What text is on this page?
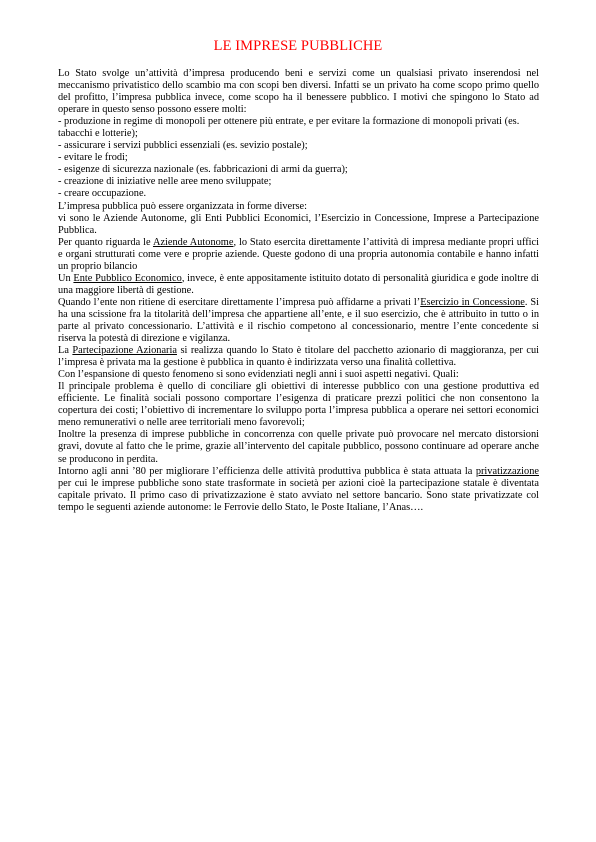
LE IMPRESE PUBBLICHE

Lo Stato svolge un’attività d’impresa producendo beni e servizi come un qualsiasi privato inserendosi nel meccanismo privatistico dello scambio ma con scopi ben diversi. Infatti se un privato ha come scopo primo quello del profitto, l’impresa pubblica invece, come scopo ha il benessere pubblico. I motivi che spingono lo Stato ad operare in questo senso possono essere molti:

- produzione in regime di monopoli per ottenere più entrate, e per evitare la formazione di monopoli privati (es. tabacchi e lotterie);

- assicurare i servizi pubblici essenziali (es. sevizio postale);

- evitare le frodi;

- esigenze di sicurezza nazionale (es. fabbricazioni di armi da guerra);

- creazione di iniziative nelle aree meno sviluppate;

- creare occupazione.

L’impresa pubblica può essere organizzata in forme diverse:

vi sono le Aziende Autonome, gli Enti Pubblici Economici, l’Esercizio in Concessione, Imprese a Partecipazione Pubblica.

Per quanto riguarda le Aziende Autonome, lo Stato esercita direttamente l’attività di impresa mediante propri uffici e organi strutturati come vere e proprie aziende. Queste godono di una propria autonomia contabile e hanno infatti un proprio bilancio

Un Ente Pubblico Economico, invece, è ente appositamente istituito dotato di personalità giuridica e gode inoltre di una maggiore libertà di gestione.

Quando l’ente non ritiene di esercitare direttamente l’impresa può affidarne a privati l’Esercizio in Concessione. Si ha una scissione fra la titolarità dell’impresa che appartiene all’ente, e il suo esercizio, che è attribuito in tutto o in parte al privato concessionario. L’attività e il rischio competono al concessionario, mentre l’ente concedente si riserva la potestà di direzione e vigilanza.

La Partecipazione Azionaria si realizza quando lo Stato è titolare del pacchetto azionario di maggioranza, per cui l’impresa è privata ma la gestione è pubblica in quanto è indirizzata verso una finalità collettiva.

Con l’espansione di questo fenomeno si sono evidenziati negli anni i suoi aspetti negativi. Quali:

Il principale problema è quello di conciliare gli obiettivi di interesse pubblico con una gestione produttiva ed efficiente. Le finalità sociali possono comportare l’esigenza di praticare prezzi politici che non consentono la copertura dei costi; l’obiettivo di incrementare lo sviluppo porta l’impresa pubblica a operare nei settori economici meno remunerativi o nelle aree territoriali meno favorevoli;

Inoltre la presenza di imprese pubbliche in concorrenza con quelle private può provocare nel mercato distorsioni gravi, dovute al fatto che le prime, grazie all’intervento del capitale pubblico, possono continuare ad operare anche se producono in perdita.

Intorno agli anni ’80 per migliorare l’efficienza delle attività produttiva pubblica è stata attuata la privatizzazione per cui le imprese pubbliche sono state trasformate in società per azioni cioè la partecipazione statale è diventata capitale privato. Il primo caso di privatizzazione è stato avviato nel settore bancario. Sono state privatizzate col tempo le seguenti aziende autonome: le Ferrovie dello Stato, le Poste Italiane, l’Anas….
